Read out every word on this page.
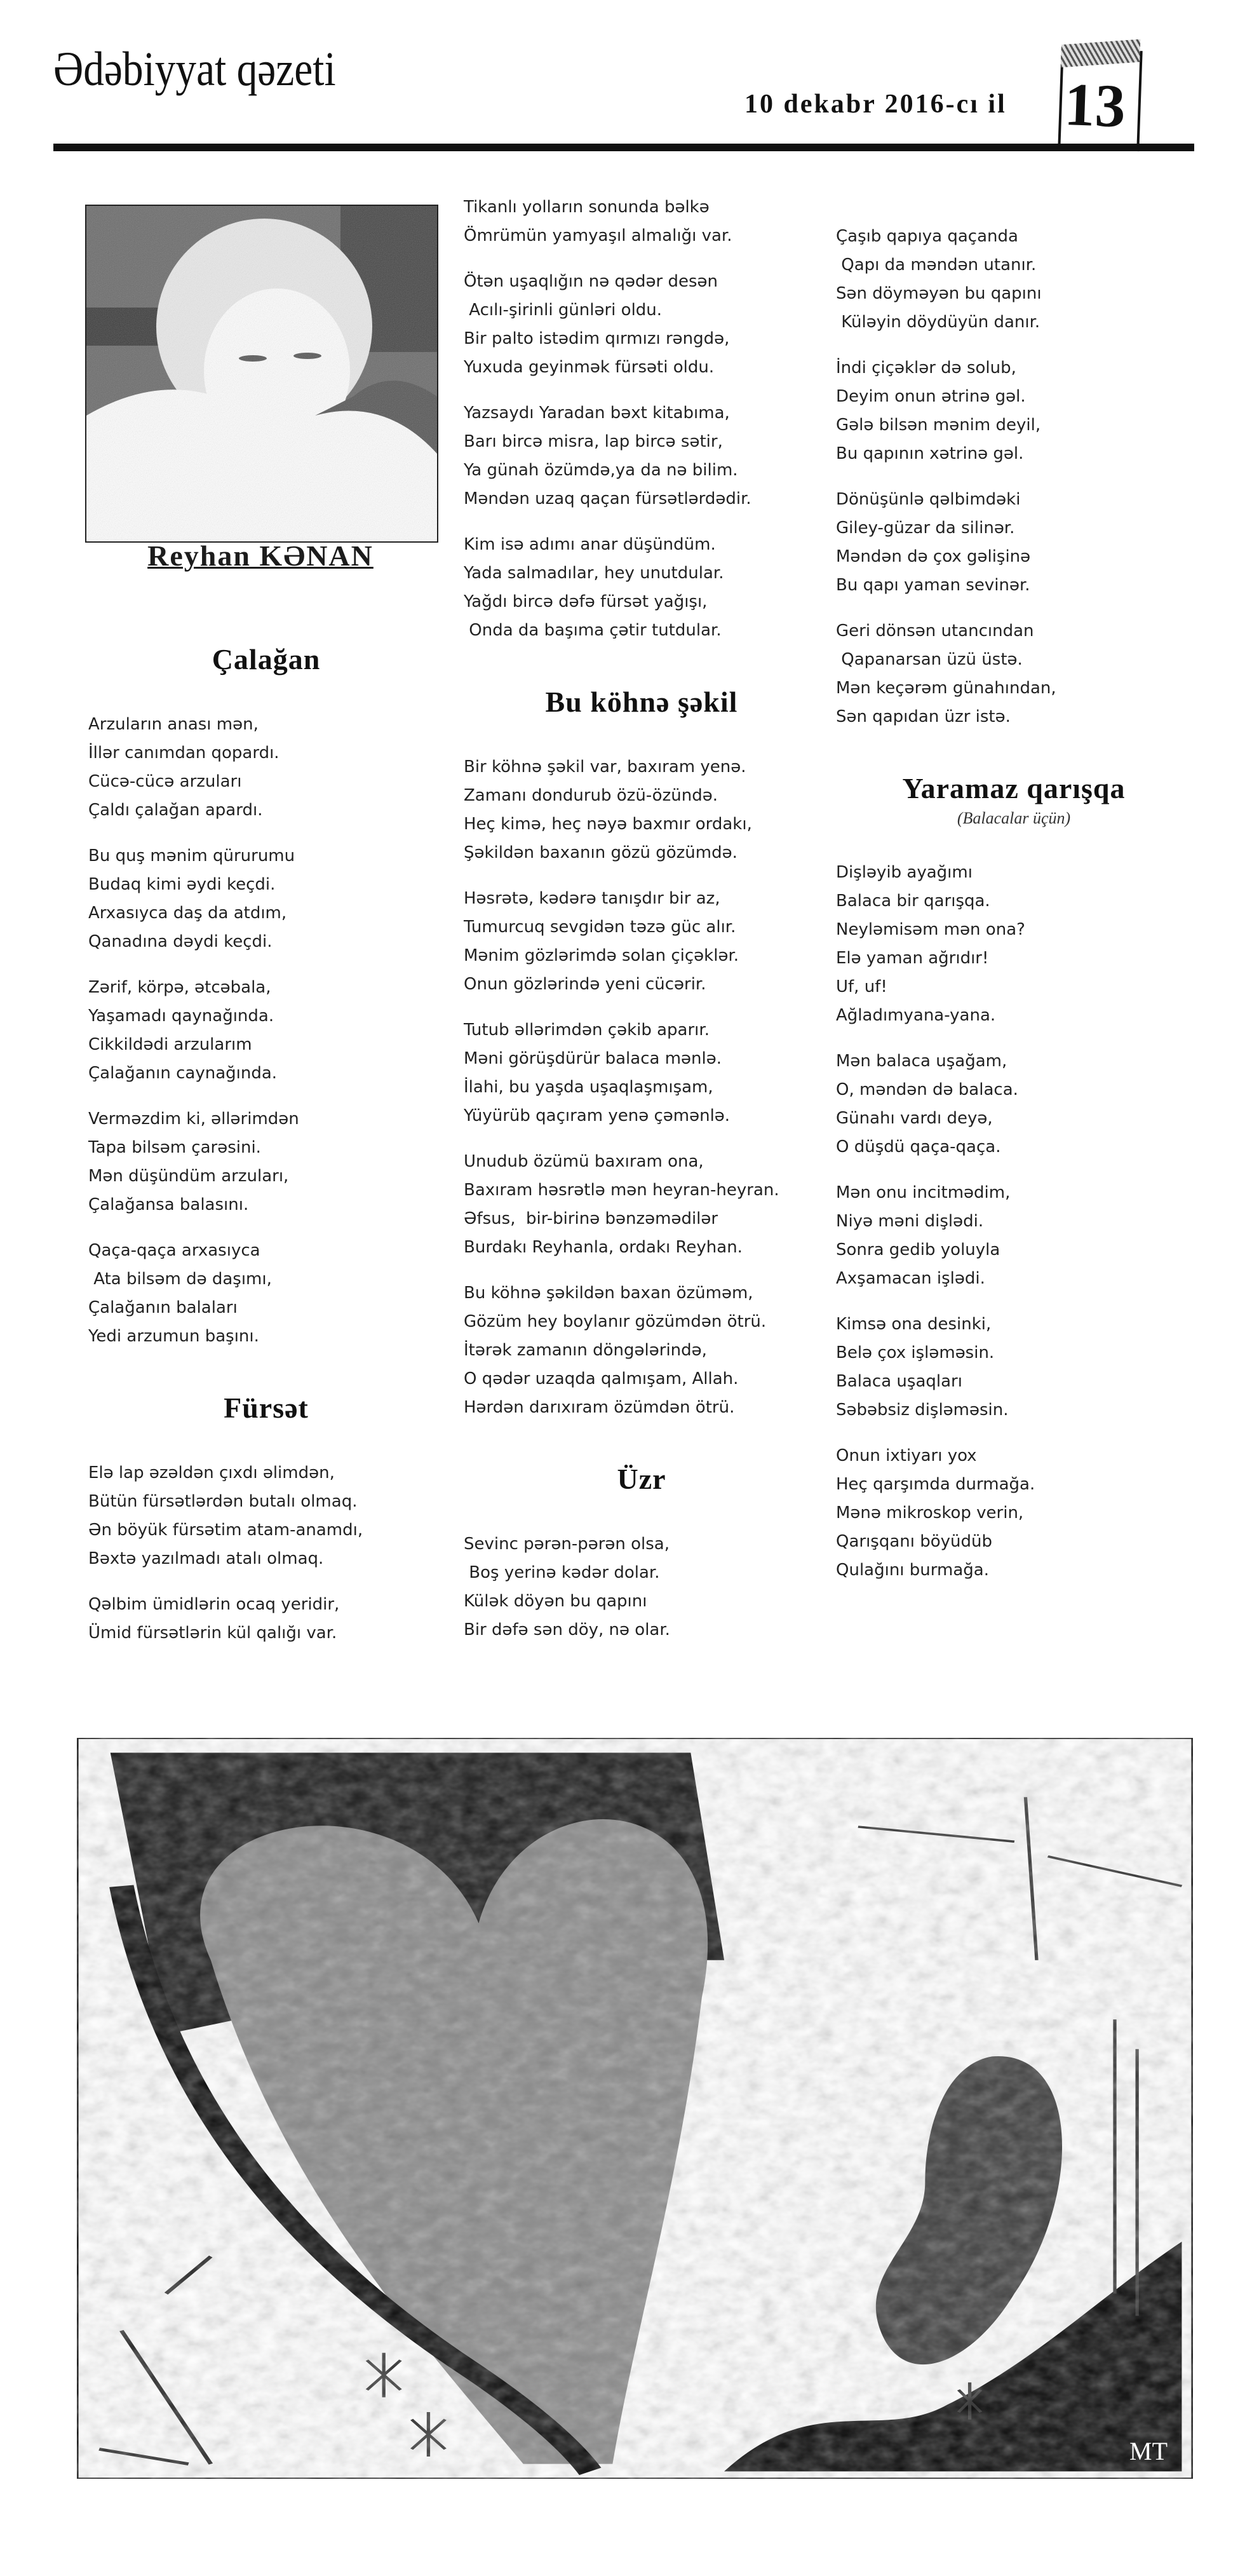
Ədəbiyyat qəzeti
10 dekabr 2016-cı il 13
Reyhan KƏNAN
Çalağan
Arzuların anası mən,
İllər canımdan qopardı.
Cücə-cücə arzuları
Çaldı çalağan apardı.
Bu quş mənim qürurumu
Budaq kimi əydi keçdi.
Arxasıyca daş da atdım,
Qanadına dəydi keçdi.
Zərif, körpə, ətcəbala,
Yaşamadı qaynağında.
Cikkildədi arzularım
Çalağanın caynağında.
Verməzdim ki, əllərimdən
Tapa bilsəm çarəsini.
Mən düşündüm arzuları,
Çalağansa balasını.
Qaça-qaça arxasıyca
Ata bilsəm də daşımı,
Çalağanın balaları
Yedi arzumun başını.
Fürsət
Elə lap əzəldən çıxdı əlimdən,
Bütün fürsətlərdən butalı olmaq.
Ən böyük fürsətim atam-anamdı,
Bəxtə yazılmadı atalı olmaq.
Qəlbim ümidlərin ocaq yeridir,
Ümid fürsətlərin kül qalığı var.
Tikanlı yolların sonunda bəlkə
Ömrümün yamyaşıl almalığı var.
Ötən uşaqlığın nə qədər desən
Acılı-şirinli günləri oldu.
Bir palto istədim qırmızı rəngdə,
Yuxuda geyinmək fürsəti oldu.
Yazsaydı Yaradan bəxt kitabıma,
Barı bircə misra, lap bircə sətir,
Ya günah özümdə,ya da nə bilim.
Məndən uzaq qaçan fürsətlərdədir.
Kim isə adımı anar düşündüm.
Yada salmadılar, hey unutdular.
Yağdı bircə dəfə fürsət yağışı,
Onda da başıma çətir tutdular.
Bu köhnə şəkil
Bir köhnə şəkil var, baxıram yenə.
Zamanı dondurub özü-özündə.
Heç kimə, heç nəyə baxmır ordakı,
Şəkildən baxanın gözü gözümdə.
Həsrətə, kədərə tanışdır bir az,
Tumurcuq sevgidən təzə güc alır.
Mənim gözlərimdə solan çiçəklər.
Onun gözlərində yeni cücərir.
Tutub əllərimdən çəkib aparır.
Məni görüşdürür balaca mənlə.
İlahi, bu yaşda uşaqlaşmışam,
Yüyürüb qaçıram yenə çəmənlə.
Unudub özümü baxıram ona,
Baxıram həsrətlə mən heyran-heyran.
Əfsus,  bir-birinə bənzəmədilər
Burdakı Reyhanla, ordakı Reyhan.
Bu köhnə şəkildən baxan özüməm,
Gözüm hey boylanır gözümdən ötrü.
İtərək zamanın döngələrində,
O qədər uzaqda qalmışam, Allah.
Hərdən darıxıram özümdən ötrü.
Üzr
Sevinc pərən-pərən olsa,
Boş yerinə kədər dolar.
Külək döyən bu qapını
Bir dəfə sən döy, nə olar.
Çaşıb qapıya qaçanda
Qapı da məndən utanır.
Sən döyməyən bu qapını
Küləyin döydüyün danır.
İndi çiçəklər də solub,
Deyim onun ətrinə gəl.
Gələ bilsən mənim deyil,
Bu qapının xətrinə gəl.
Dönüşünlə qəlbimdəki
Giley-güzar da silinər.
Məndən də çox gəlişinə
Bu qapı yaman sevinər.
Geri dönsən utancından
Qapanarsan üzü üstə.
Mən keçərəm günahından,
Sən qapıdan üzr istə.
Yaramaz qarışqa
(Balacalar üçün)
Dişləyib ayağımı
Balaca bir qarışqa.
Neyləmisəm mən ona?
Elə yaman ağrıdır!
Uf, uf!
Ağladımyana-yana.
Mən balaca uşağam,
O, məndən də balaca.
Günahı vardı deyə,
O düşdü qaça-qaça.
Mən onu incitmədim,
Niyə məni dişlədi.
Sonra gedib yoluyla
Axşamacan işlədi.
Kimsə ona desinki,
Belə çox işləməsin.
Balaca uşaqları
Səbəbsiz dişləməsin.
Onun ixtiyarı yox
Heç qarşımda durmağa.
Mənə mikroskop verin,
Qarışqanı böyüdüb
Qulağını burmağa.
MT
